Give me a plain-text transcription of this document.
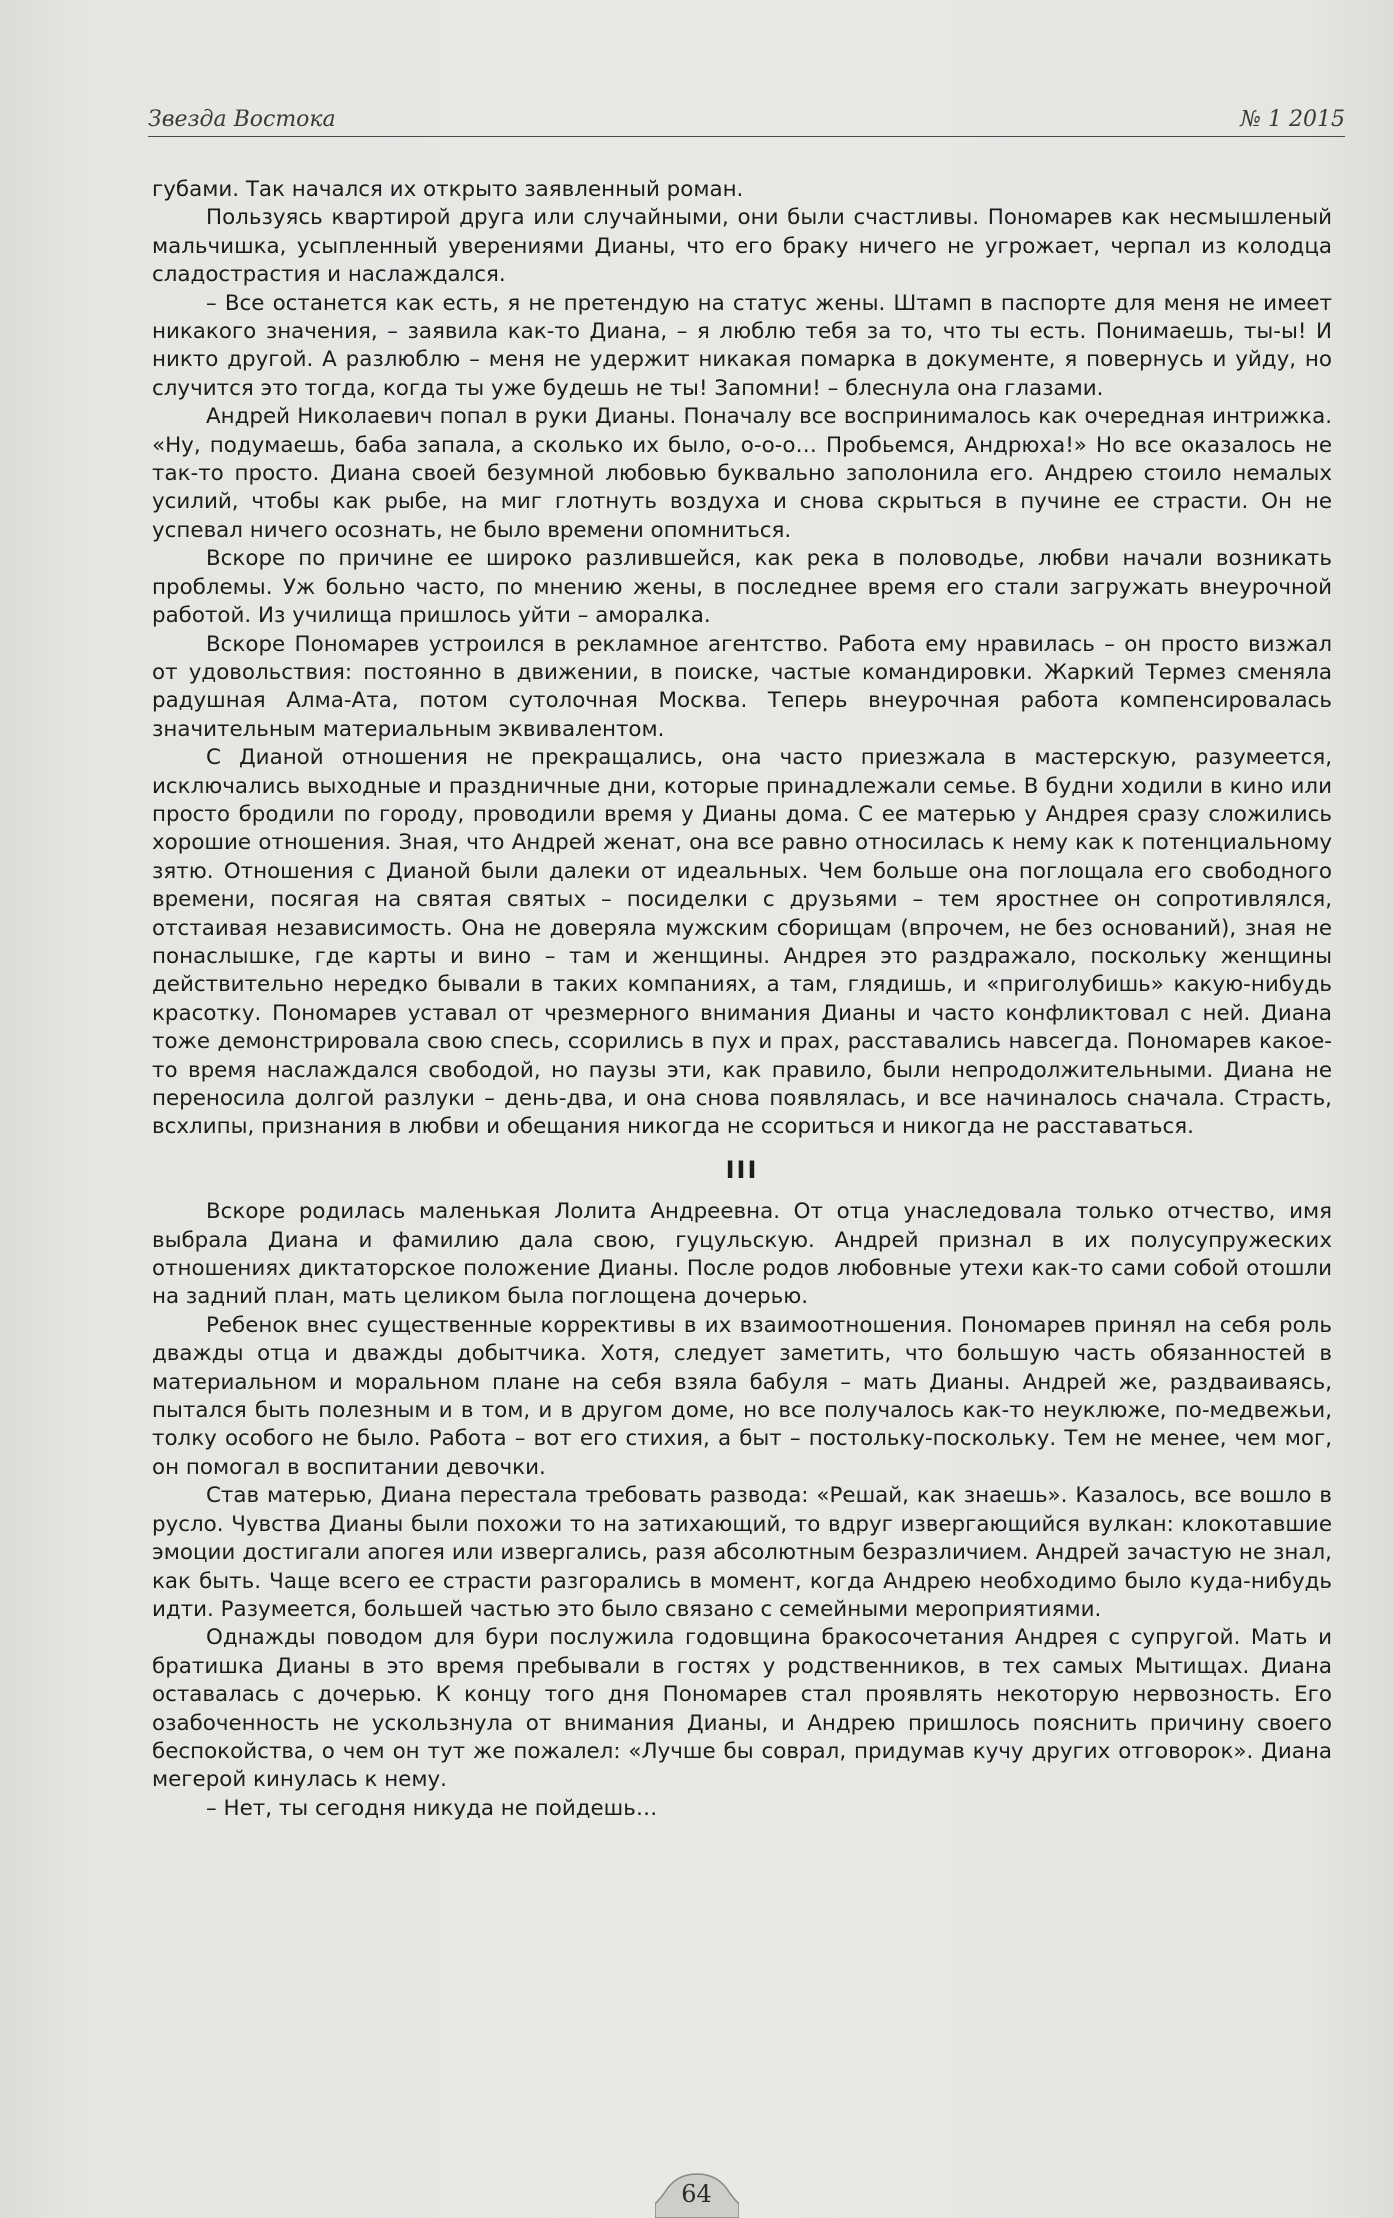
Звезда Востока	№ 1 2015

губами. Так начался их открыто заявленный роман.

Пользуясь квартирой друга или случайными, они были счастливы. Пономарев как несмышленый мальчишка, усыпленный уверениями Дианы, что его браку ничего не угрожает, черпал из колодца сладострастия и наслаждался.

– Все останется как есть, я не претендую на статус жены. Штамп в паспорте для меня не имеет никакого значения, – заявила как-то Диана, – я люблю тебя за то, что ты есть. Понимаешь, ты-ы! И никто другой. А разлюблю – меня не удержит никакая помарка в документе, я повернусь и уйду, но случится это тогда, когда ты уже будешь не ты! Запомни! – блеснула она глазами.

Андрей Николаевич попал в руки Дианы. Поначалу все воспринималось как очередная интрижка. «Ну, подумаешь, баба запала, а сколько их было, о-о-о… Пробьемся, Андрюха!» Но все оказалось не так-то просто. Диана своей безумной любовью буквально заполонила его. Андрею стоило немалых усилий, чтобы как рыбе, на миг глотнуть воздуха и снова скрыться в пучине ее страсти. Он не успевал ничего осознать, не было времени опомниться.

Вскоре по причине ее широко разлившейся, как река в половодье, любви начали возникать проблемы. Уж больно часто, по мнению жены, в последнее время его стали загружать внеурочной работой. Из училища пришлось уйти – аморалка.

Вскоре Пономарев устроился в рекламное агентство. Работа ему нравилась – он просто визжал от удовольствия: постоянно в движении, в поиске, частые командировки. Жаркий Термез сменяла радушная Алма-Ата, потом сутолочная Москва. Теперь внеурочная работа компенсировалась значительным материальным эквивалентом.

С Дианой отношения не прекращались, она часто приезжала в мастерскую, разумеется, исключались выходные и праздничные дни, которые принадлежали семье. В будни ходили в кино или просто бродили по городу, проводили время у Дианы дома. С ее матерью у Андрея сразу сложились хорошие отношения. Зная, что Андрей женат, она все равно относилась к нему как к потенциальному зятю. Отношения с Дианой были далеки от идеальных. Чем больше она поглощала его свободного времени, посягая на святая святых – посиделки с друзьями – тем яростнее он сопротивлялся, отстаивая независимость. Она не доверяла мужским сборищам (впрочем, не без оснований), зная не понаслышке, где карты и вино – там и женщины. Андрея это раздражало, поскольку женщины действительно нередко бывали в таких компаниях, а там, глядишь, и «приголубишь» какую-нибудь красотку. Пономарев уставал от чрезмерного внимания Дианы и часто конфликтовал с ней. Диана тоже демонстрировала свою спесь, ссорились в пух и прах, расставались навсегда. Пономарев какое-то время наслаждался свободой, но паузы эти, как правило, были непродолжительными. Диана не переносила долгой разлуки – день-два, и она снова появлялась, и все начиналось сначала. Страсть, всхлипы, признания в любви и обещания никогда не ссориться и никогда не расставаться.

III

Вскоре родилась маленькая Лолита Андреевна. От отца унаследовала только отчество, имя выбрала Диана и фамилию дала свою, гуцульскую. Андрей признал в их полусупружеских отношениях диктаторское положение Дианы. После родов любовные утехи как-то сами собой отошли на задний план, мать целиком была поглощена дочерью.

Ребенок внес существенные коррективы в их взаимоотношения. Пономарев принял на себя роль дважды отца и дважды добытчика. Хотя, следует заметить, что большую часть обязанностей в материальном и моральном плане на себя взяла бабуля – мать Дианы. Андрей же, раздваиваясь, пытался быть полезным и в том, и в другом доме, но все получалось как-то неуклюже, по-медвежьи, толку особого не было. Работа – вот его стихия, а быт – постольку-поскольку. Тем не менее, чем мог, он помогал в воспитании девочки.

Став матерью, Диана перестала требовать развода: «Решай, как знаешь». Казалось, все вошло в русло. Чувства Дианы были похожи то на затихающий, то вдруг извергающийся вулкан: клокотавшие эмоции достигали апогея или извергались, разя абсолютным безразличием. Андрей зачастую не знал, как быть. Чаще всего ее страсти разгорались в момент, когда Андрею необходимо было куда-нибудь идти. Разумеется, большей частью это было связано с семейными мероприятиями.

Однажды поводом для бури послужила годовщина бракосочетания Андрея с супругой. Мать и братишка Дианы в это время пребывали в гостях у родственников, в тех самых Мытищах. Диана оставалась с дочерью. К концу того дня Пономарев стал проявлять некоторую нервозность. Его озабоченность не ускользнула от внимания Дианы, и Андрею пришлось пояснить причину своего беспокойства, о чем он тут же пожалел: «Лучше бы соврал, придумав кучу других отговорок». Диана мегерой кинулась к нему.

– Нет, ты сегодня никуда не пойдешь…

64
